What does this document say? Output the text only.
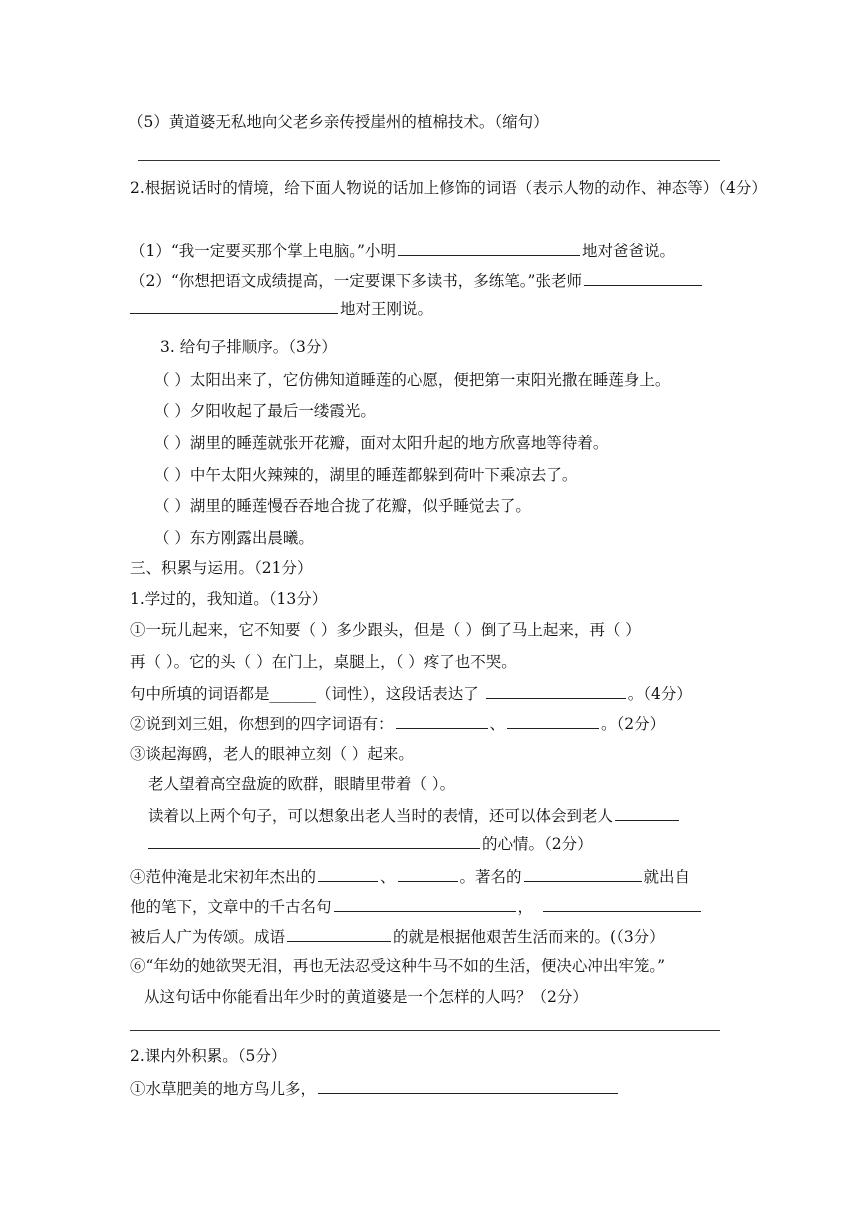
（5）黄道婆无私地向父老乡亲传授崖州的植棉技术。（缩句）
2.根据说话时的情境，给下面人物说的话加上修饰的词语（表示人物的动作、神态等）（4分）
（1）“我一定要买那个掌上电脑。”小明	地对爸爸说。
（2）“你想把语文成绩提高，一定要课下多读书，多练笔。”张老师
地对王刚说。
3. 给句子排顺序。（3分）
（ ）太阳出来了，它仿佛知道睡莲的心愿，便把第一束阳光撒在睡莲身上。
（ ）夕阳收起了最后一缕霞光。
（ ）湖里的睡莲就张开花瓣，面对太阳升起的地方欣喜地等待着。
（ ）中午太阳火辣辣的，湖里的睡莲都躲到荷叶下乘凉去了。
（ ）湖里的睡莲慢吞吞地合拢了花瓣，似乎睡觉去了。
（ ）东方刚露出晨曦。
三、积累与运用。（21分）
1.学过的，我知道。（13分）
①一玩儿起来，它不知要（ ）多少跟头，但是（ ）倒了马上起来，再（ ）
再（ ）。它的头（ ）在门上，桌腿上，（ ）疼了也不哭。
句中所填的词语都是______（词性），这段话表达了	。（4分）
②说到刘三姐，你想到的四字词语有：	、	。（2分）
③谈起海鸥，老人的眼神立刻（ ）起来。
老人望着高空盘旋的欧群，眼睛里带着（ ）。
读着以上两个句子，可以想象出老人当时的表情，还可以体会到老人
的心情。（2分）
④范仲淹是北宋初年杰出的	、	。著名的	就出自
他的笔下，文章中的千古名句	，
被后人广为传颂。成语	的就是根据他艰苦生活而来的。(（3分）
⑥“年幼的她欲哭无泪，再也无法忍受这种牛马不如的生活，便决心冲出牢笼。”
从这句话中你能看出年少时的黄道婆是一个怎样的人吗？（2分）
2.课内外积累。（5分）
①水草肥美的地方鸟儿多，
